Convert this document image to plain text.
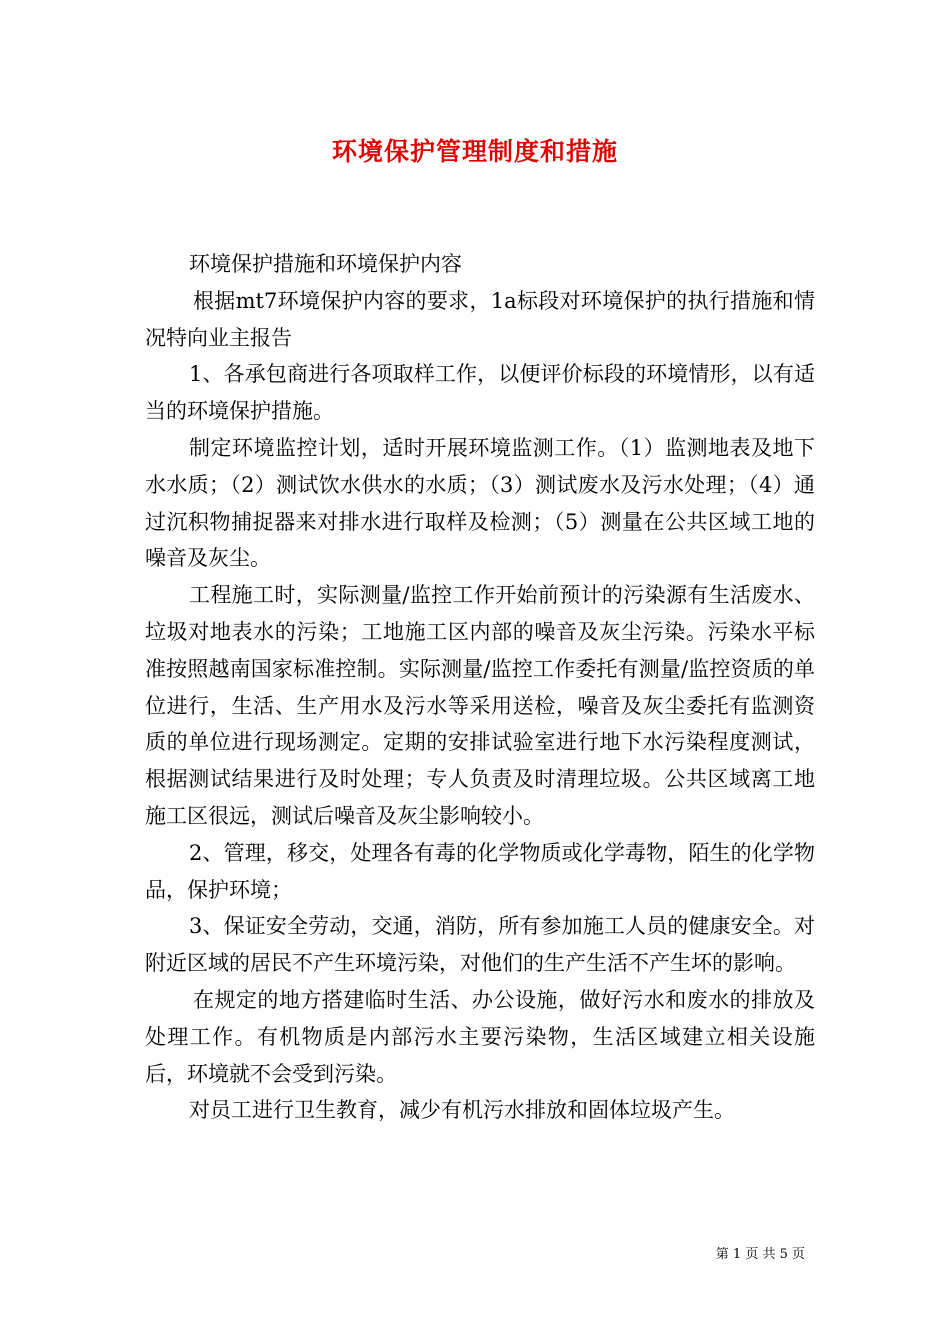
环境保护管理制度和措施

环境保护措施和环境保护内容

根据mt7环境保护内容的要求，1a标段对环境保护的执行措施和情况特向业主报告

1、各承包商进行各项取样工作，以便评价标段的环境情形，以有适当的环境保护措施。

制定环境监控计划，适时开展环境监测工作。（1）监测地表及地下水水质；（2）测试饮水供水的水质；（3）测试废水及污水处理；（4）通过沉积物捕捉器来对排水进行取样及检测；（5）测量在公共区域工地的噪音及灰尘。

工程施工时，实际测量/监控工作开始前预计的污染源有生活废水、垃圾对地表水的污染；工地施工区内部的噪音及灰尘污染。污染水平标准按照越南国家标准控制。实际测量/监控工作委托有测量/监控资质的单位进行，生活、生产用水及污水等采用送检，噪音及灰尘委托有监测资质的单位进行现场测定。定期的安排试验室进行地下水污染程度测试，根据测试结果进行及时处理；专人负责及时清理垃圾。公共区域离工地施工区很远，测试后噪音及灰尘影响较小。

2、管理，移交，处理各有毒的化学物质或化学毒物，陌生的化学物品，保护环境；

3、保证安全劳动，交通，消防，所有参加施工人员的健康安全。对附近区域的居民不产生环境污染，对他们的生产生活不产生坏的影响。

在规定的地方搭建临时生活、办公设施，做好污水和废水的排放及处理工作。有机物质是内部污水主要污染物，生活区域建立相关设施后，环境就不会受到污染。

对员工进行卫生教育，减少有机污水排放和固体垃圾产生。

第 1 页 共 5 页
